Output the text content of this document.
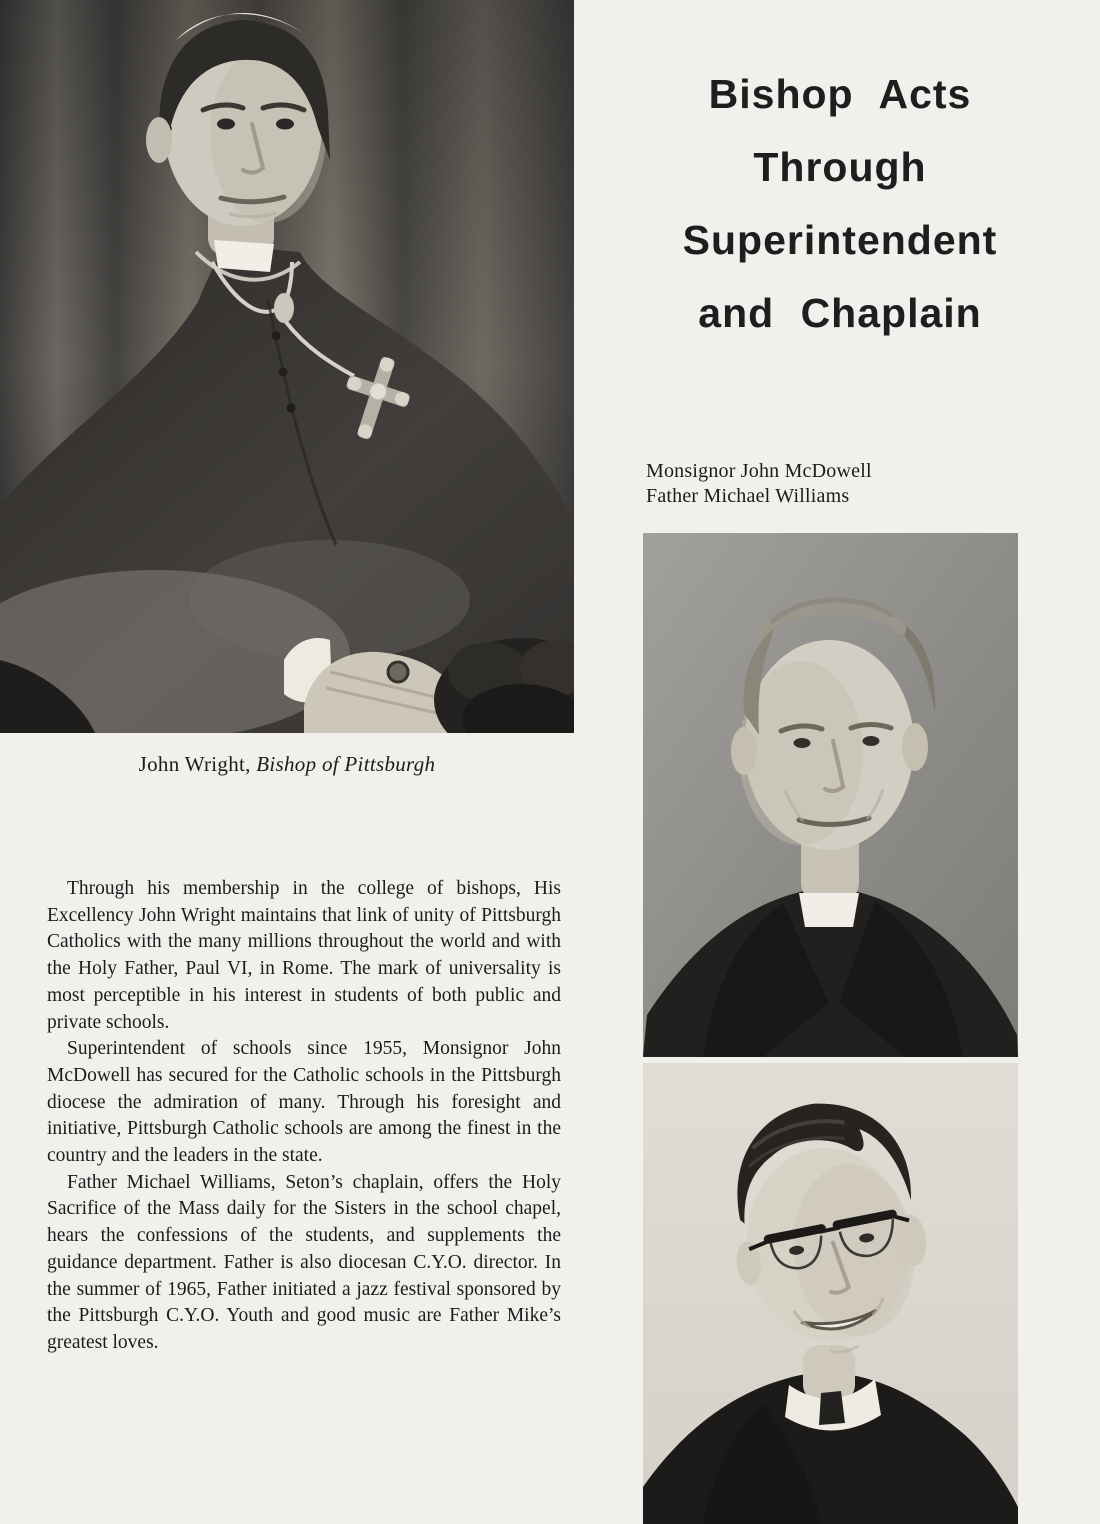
John Wright, Bishop of Pittsburgh
Bishop Acts
Through Superintendent
and Chaplain
Monsignor John McDowell
Father Michael Williams

Through his membership in the college of bishops, His Excellency John Wright maintains that link of unity of Pittsburgh Catholics with the many millions throughout the world and with the Holy Father, Paul VI, in Rome. The mark of universality is most perceptible in his interest in students of both public and private schools.

Superintendent of schools since 1955, Monsignor John McDowell has secured for the Catholic schools in the Pittsburgh diocese the admiration of many. Through his foresight and initiative, Pittsburgh Catholic schools are among the finest in the country and the leaders in the state.

Father Michael Williams, Seton’s chaplain, offers the Holy Sacrifice of the Mass daily for the Sisters in the school chapel, hears the confessions of the students, and supplements the guidance department. Father is also diocesan C.Y.O. director. In the summer of 1965, Father initiated a jazz festival sponsored by the Pittsburgh C.Y.O. Youth and good music are Father Mike’s greatest loves.
